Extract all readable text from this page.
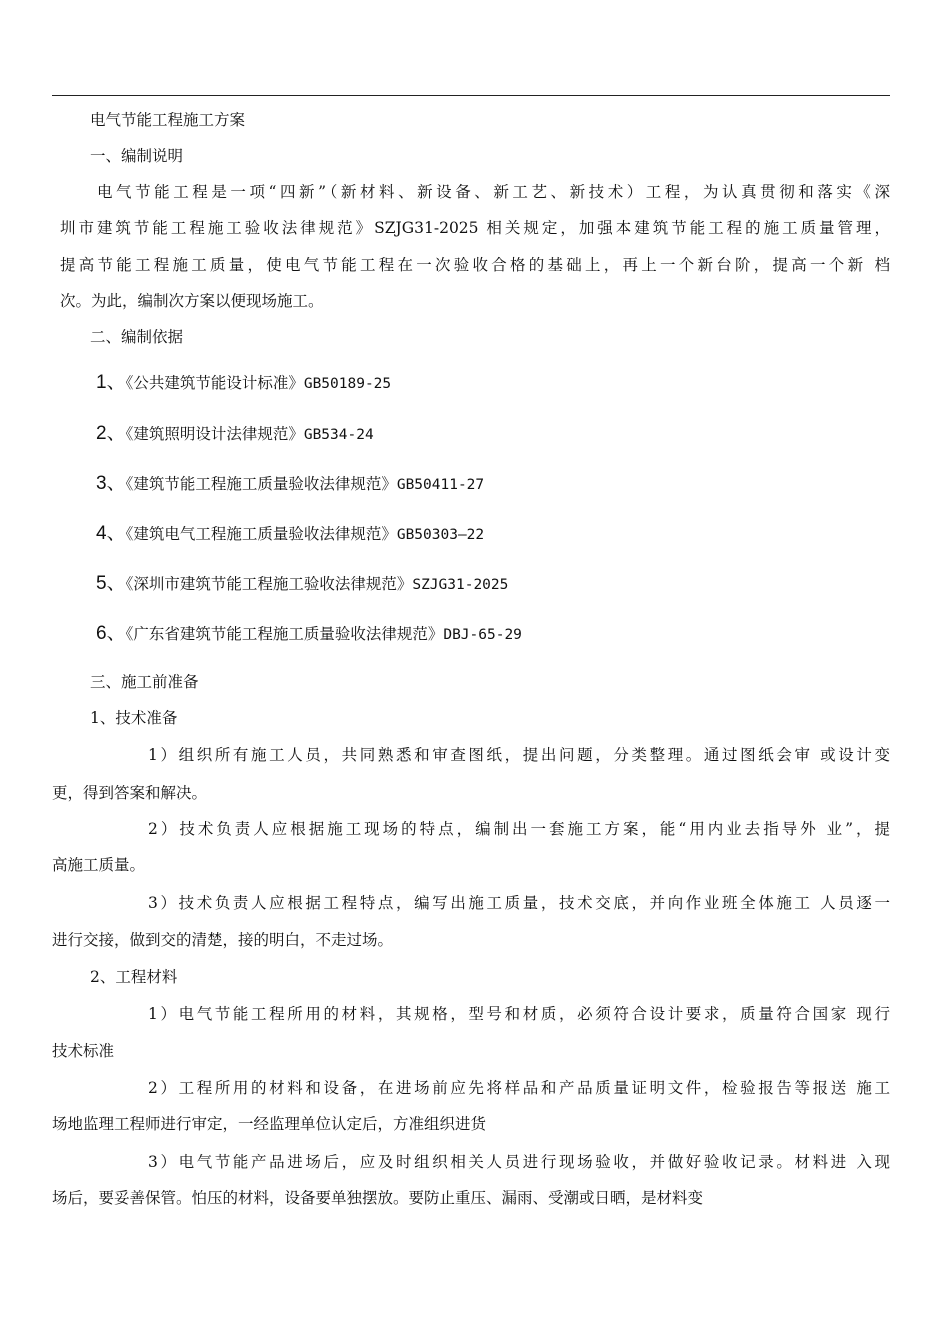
电气节能工程施工方案
一、编制说明
电气节能工程是一项“四新”（新材料、新设备、新工艺、新技术）工程，为认真贯彻和落实《深
圳市建筑节能工程施工验收法律规范》SZJG31-2025 相关规定，加强本建筑节能工程的施工质量管理，
提高节能工程施工质量，使电气节能工程在一次验收合格的基础上，再上一个新台阶，提高一个新 档
次。为此，编制次方案以便现场施工。
二、编制依据
1、《公共建筑节能设计标准》GB50189-25
2、《建筑照明设计法律规范》GB534-24
3、《建筑节能工程施工质量验收法律规范》GB50411-27
4、《建筑电气工程施工质量验收法律规范》GB50303—22
5、《深圳市建筑节能工程施工验收法律规范》SZJG31-2025
6、《广东省建筑节能工程施工质量验收法律规范》DBJ-65-29
三、施工前准备
1、技术准备
1）组织所有施工人员，共同熟悉和审查图纸，提出问题，分类整理。通过图纸会审 或设计变
更，得到答案和解决。
2）技术负责人应根据施工现场的特点，编制出一套施工方案，能“用内业去指导外 业”，提
高施工质量。
3）技术负责人应根据工程特点，编写出施工质量，技术交底，并向作业班全体施工 人员逐一
进行交接，做到交的清楚，接的明白，不走过场。
2、工程材料
1）电气节能工程所用的材料，其规格，型号和材质，必须符合设计要求，质量符合国家 现行
技术标准
2）工程所用的材料和设备，在进场前应先将样品和产品质量证明文件，检验报告等报送 施工
场地监理工程师进行审定，一经监理单位认定后，方准组织进货
3）电气节能产品进场后，应及时组织相关人员进行现场验收，并做好验收记录。材料进 入现
场后，要妥善保管。怕压的材料，设备要单独摆放。要防止重压、漏雨、受潮或日晒，是材料变
